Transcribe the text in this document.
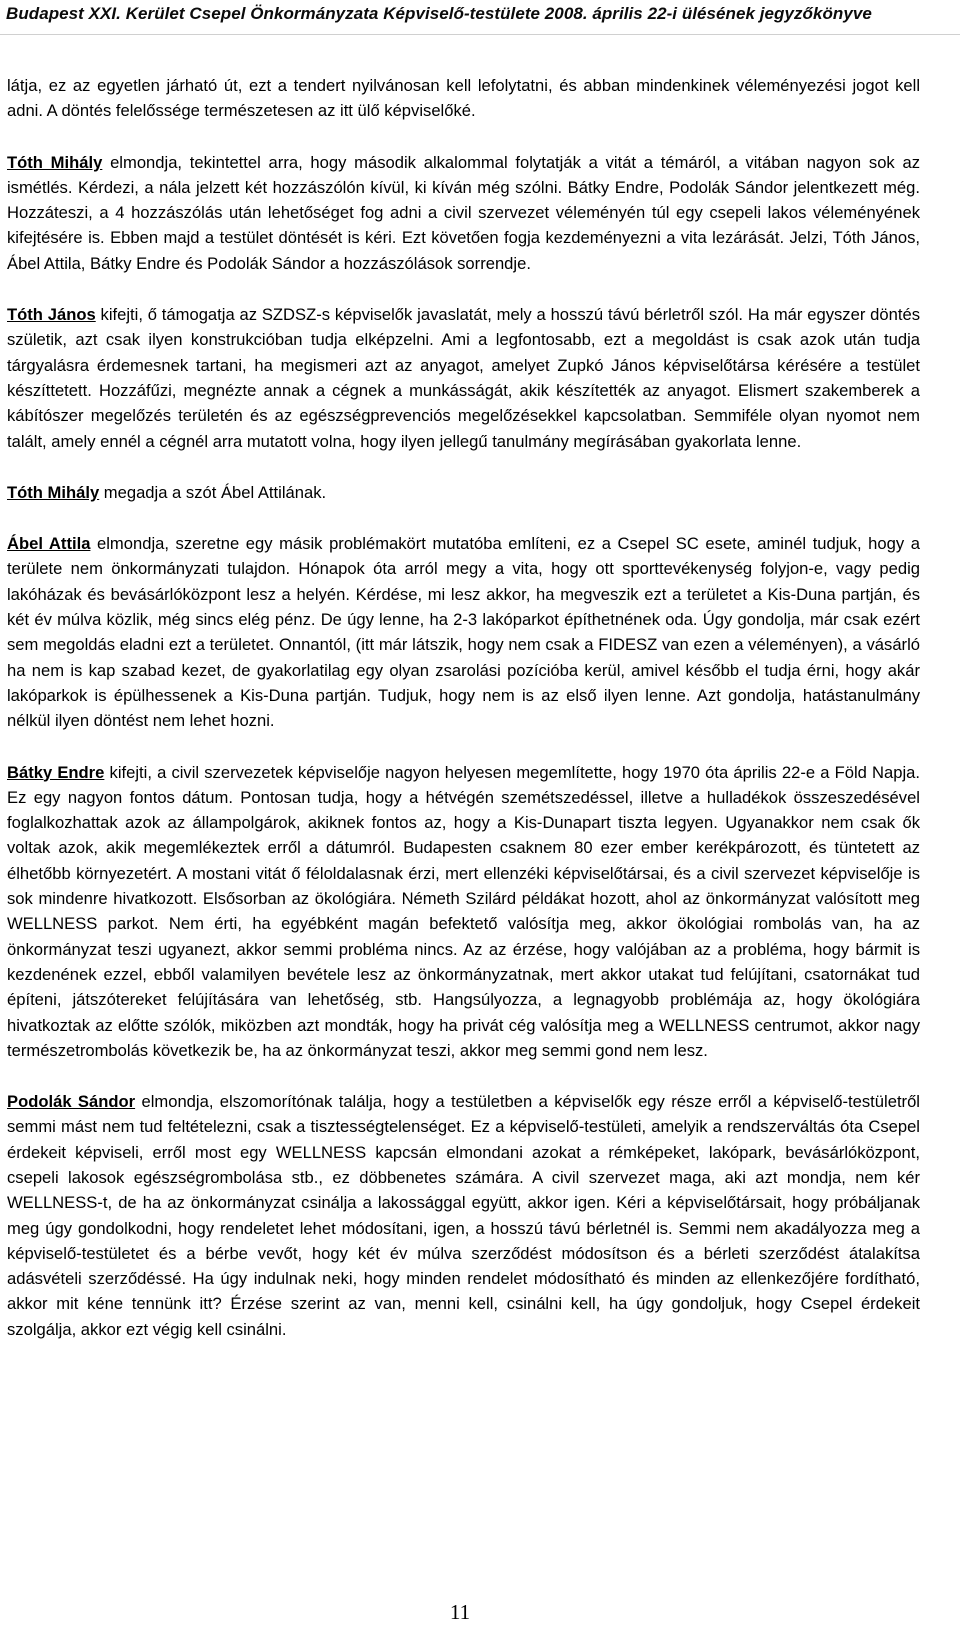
Budapest XXI. Kerület Csepel Önkormányzata Képviselő-testülete 2008. április 22-i ülésének jegyzőkönyve

látja, ez az egyetlen járható út, ezt a tendert nyilvánosan kell lefolytatni, és abban mindenkinek véleményezési jogot kell adni. A döntés felelőssége természetesen az itt ülő képviselőké.

Tóth Mihály elmondja, tekintettel arra, hogy második alkalommal folytatják a vitát a témáról, a vitában nagyon sok az ismétlés. Kérdezi, a nála jelzett két hozzászólón kívül, ki kíván még szólni. Bátky Endre, Podolák Sándor jelentkezett még. Hozzáteszi, a 4 hozzászólás után lehetőséget fog adni a civil szervezet véleményén túl egy csepeli lakos véleményének kifejtésére is. Ebben majd a testület döntését is kéri. Ezt követően fogja kezdeményezni a vita lezárását. Jelzi, Tóth János, Ábel Attila, Bátky Endre és Podolák Sándor a hozzászólások sorrendje.

Tóth János kifejti, ő támogatja az SZDSZ-s képviselők javaslatát, mely a hosszú távú bérletről szól. Ha már egyszer döntés születik, azt csak ilyen konstrukcióban tudja elképzelni. Ami a legfontosabb, ezt a megoldást is csak azok után tudja tárgyalásra érdemesnek tartani, ha megismeri azt az anyagot, amelyet Zupkó János képviselőtársa kérésére a testület készíttetett. Hozzáfűzi, megnézte annak a cégnek a munkásságát, akik készítették az anyagot. Elismert szakemberek a kábítószer megelőzés területén és az egészségprevenciós megelőzésekkel kapcsolatban. Semmiféle olyan nyomot nem talált, amely ennél a cégnél arra mutatott volna, hogy ilyen jellegű tanulmány megírásában gyakorlata lenne.

Tóth Mihály megadja a szót Ábel Attilának.

Ábel Attila elmondja, szeretne egy másik problémakört mutatóba említeni, ez a Csepel SC esete, aminél tudjuk, hogy a területe nem önkormányzati tulajdon. Hónapok óta arról megy a vita, hogy ott sporttevékenység folyjon-e, vagy pedig lakóházak és bevásárlóközpont lesz a helyén. Kérdése, mi lesz akkor, ha megveszik ezt a területet a Kis-Duna partján, és két év múlva közlik, még sincs elég pénz. De úgy lenne, ha 2-3 lakóparkot építhetnének oda. Úgy gondolja, már csak ezért sem megoldás eladni ezt a területet. Onnantól, (itt már látszik, hogy nem csak a FIDESZ van ezen a véleményen), a vásárló ha nem is kap szabad kezet, de gyakorlatilag egy olyan zsarolási pozícióba kerül, amivel később el tudja érni, hogy akár lakóparkok is épülhessenek a Kis-Duna partján. Tudjuk, hogy nem is az első ilyen lenne. Azt gondolja, hatástanulmány nélkül ilyen döntést nem lehet hozni.

Bátky Endre kifejti, a civil szervezetek képviselője nagyon helyesen megemlítette, hogy 1970 óta április 22-e a Föld Napja. Ez egy nagyon fontos dátum. Pontosan tudja, hogy a hétvégén szemétszedéssel, illetve a hulladékok összeszedésével foglalkozhattak azok az állampolgárok, akiknek fontos az, hogy a Kis-Dunapart tiszta legyen. Ugyanakkor nem csak ők voltak azok, akik megemlékeztek erről a dátumról. Budapesten csaknem 80 ezer ember kerékpározott, és tüntetett az élhetőbb környezetért. A mostani vitát ő féloldalasnak érzi, mert ellenzéki képviselőtársai, és a civil szervezet képviselője is sok mindenre hivatkozott. Elsősorban az ökológiára. Németh Szilárd példákat hozott, ahol az önkormányzat valósított meg WELLNESS parkot. Nem érti, ha egyébként magán befektető valósítja meg, akkor ökológiai rombolás van, ha az önkormányzat teszi ugyanezt, akkor semmi probléma nincs. Az az érzése, hogy valójában az a probléma, hogy bármit is kezdenének ezzel, ebből valamilyen bevétele lesz az önkormányzatnak, mert akkor utakat tud felújítani, csatornákat tud építeni, játszótereket felújítására van lehetőség, stb. Hangsúlyozza, a legnagyobb problémája az, hogy ökológiára hivatkoztak az előtte szólók, miközben azt mondták, hogy ha privát cég valósítja meg a WELLNESS centrumot, akkor nagy természetrombolás következik be, ha az önkormányzat teszi, akkor meg semmi gond nem lesz.

Podolák Sándor elmondja, elszomorítónak találja, hogy a testületben a képviselők egy része erről a képviselő-testületről semmi mást nem tud feltételezni, csak a tisztességtelenséget. Ez a képviselő-testületi, amelyik a rendszerváltás óta Csepel érdekeit képviseli, erről most egy WELLNESS kapcsán elmondani azokat a rémképeket, lakópark, bevásárlóközpont, csepeli lakosok egészségrombolása stb., ez döbbenetes számára. A civil szervezet maga, aki azt mondja, nem kér WELLNESS-t, de ha az önkormányzat csinálja a lakossággal együtt, akkor igen. Kéri a képviselőtársait, hogy próbáljanak meg úgy gondolkodni, hogy rendeletet lehet módosítani, igen, a hosszú távú bérletnél is. Semmi nem akadályozza meg a képviselő-testületet és a bérbe vevőt, hogy két év múlva szerződést módosítson és a bérleti szerződést átalakítsa adásvételi szerződéssé. Ha úgy indulnak neki, hogy minden rendelet módosítható és minden az ellenkezőjére fordítható, akkor mit kéne tennünk itt? Érzése szerint az van, menni kell, csinálni kell, ha úgy gondoljuk, hogy Csepel érdekeit szolgálja, akkor ezt végig kell csinálni.

11
